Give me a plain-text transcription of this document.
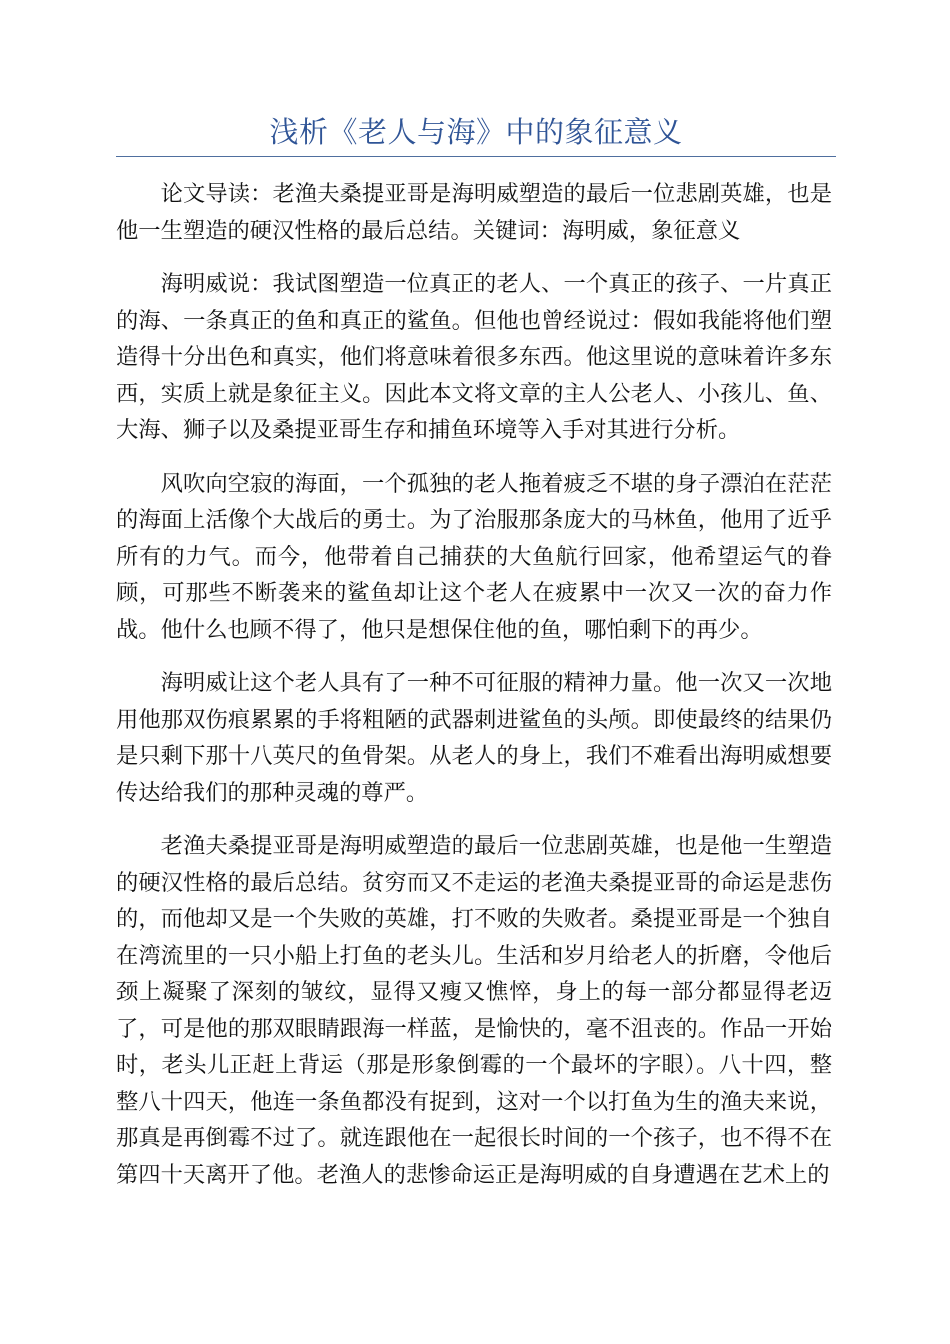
浅析《老人与海》中的象征意义

论文导读：老渔夫桑提亚哥是海明威塑造的最后一位悲剧英雄，也是他一生塑造的硬汉性格的最后总结。关键词：海明威，象征意义

海明威说：我试图塑造一位真正的老人、一个真正的孩子、一片真正的海、一条真正的鱼和真正的鲨鱼。但他也曾经说过：假如我能将他们塑造得十分出色和真实，他们将意味着很多东西。他这里说的意味着许多东西，实质上就是象征主义。因此本文将文章的主人公老人、小孩儿、鱼、大海、狮子以及桑提亚哥生存和捕鱼环境等入手对其进行分析。

风吹向空寂的海面，一个孤独的老人拖着疲乏不堪的身子漂泊在茫茫的海面上活像个大战后的勇士。为了治服那条庞大的马林鱼，他用了近乎所有的力气。而今，他带着自己捕获的大鱼航行回家，他希望运气的眷顾，可那些不断袭来的鲨鱼却让这个老人在疲累中一次又一次的奋力作战。他什么也顾不得了，他只是想保住他的鱼，哪怕剩下的再少。

海明威让这个老人具有了一种不可征服的精神力量。他一次又一次地用他那双伤痕累累的手将粗陋的武器刺进鲨鱼的头颅。即使最终的结果仍是只剩下那十八英尺的鱼骨架。从老人的身上，我们不难看出海明威想要传达给我们的那种灵魂的尊严。

老渔夫桑提亚哥是海明威塑造的最后一位悲剧英雄，也是他一生塑造的硬汉性格的最后总结。贫穷而又不走运的老渔夫桑提亚哥的命运是悲伤的，而他却又是一个失败的英雄，打不败的失败者。桑提亚哥是一个独自在湾流里的一只小船上打鱼的老头儿。生活和岁月给老人的折磨，令他后颈上凝聚了深刻的皱纹，显得又瘦又憔悴，身上的每一部分都显得老迈了，可是他的那双眼睛跟海一样蓝，是愉快的，毫不沮丧的。作品一开始时，老头儿正赶上背运（那是形象倒霉的一个最坏的字眼）。八十四，整整八十四天，他连一条鱼都没有捉到，这对一个以打鱼为生的渔夫来说，那真是再倒霉不过了。就连跟他在一起很长时间的一个孩子，也不得不在第四十天离开了他。老渔人的悲惨命运正是海明威的自身遭遇在艺术上的
